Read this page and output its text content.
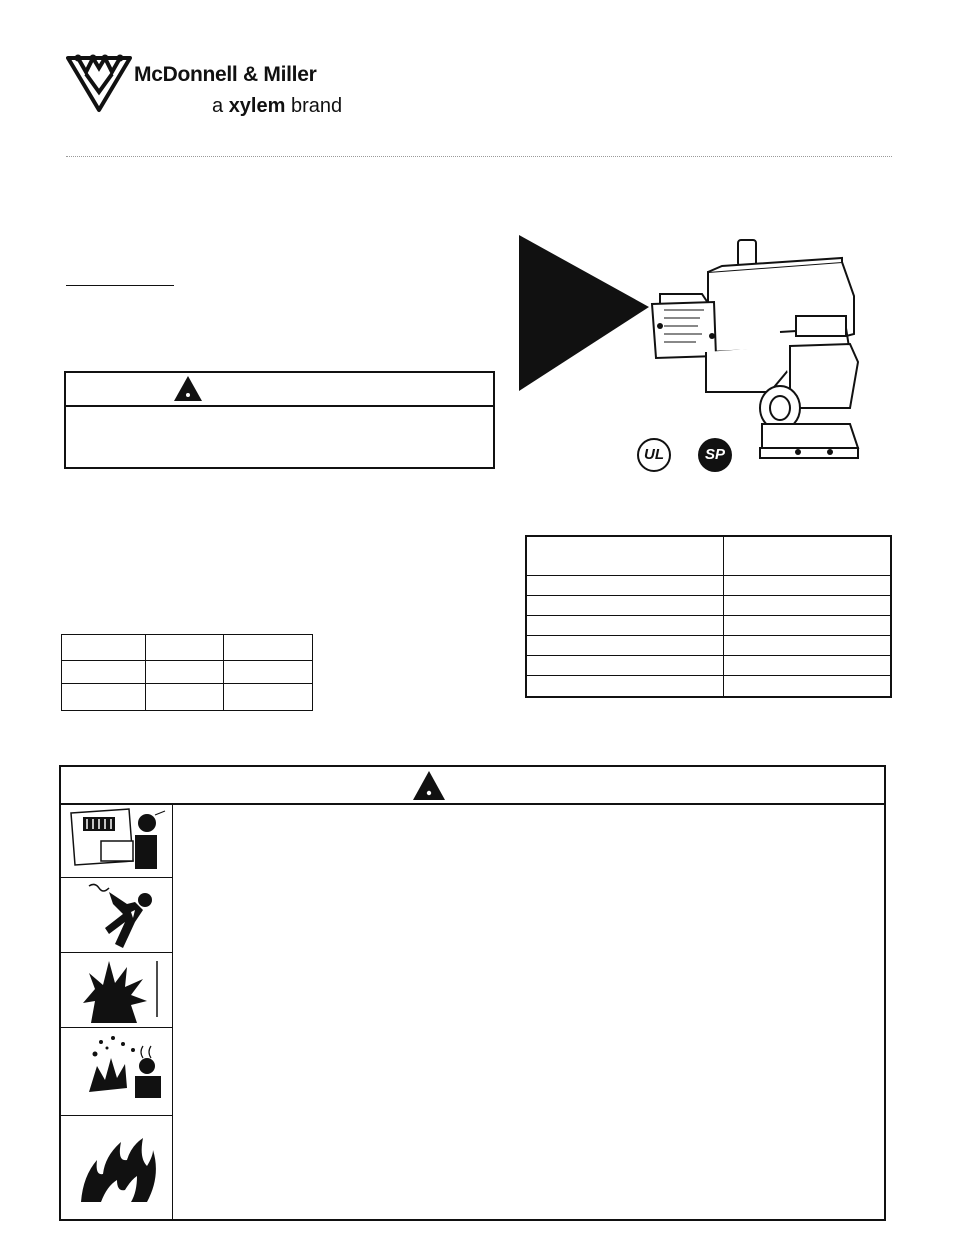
McDonnell & Miller
a xylem brand
UL	SP
